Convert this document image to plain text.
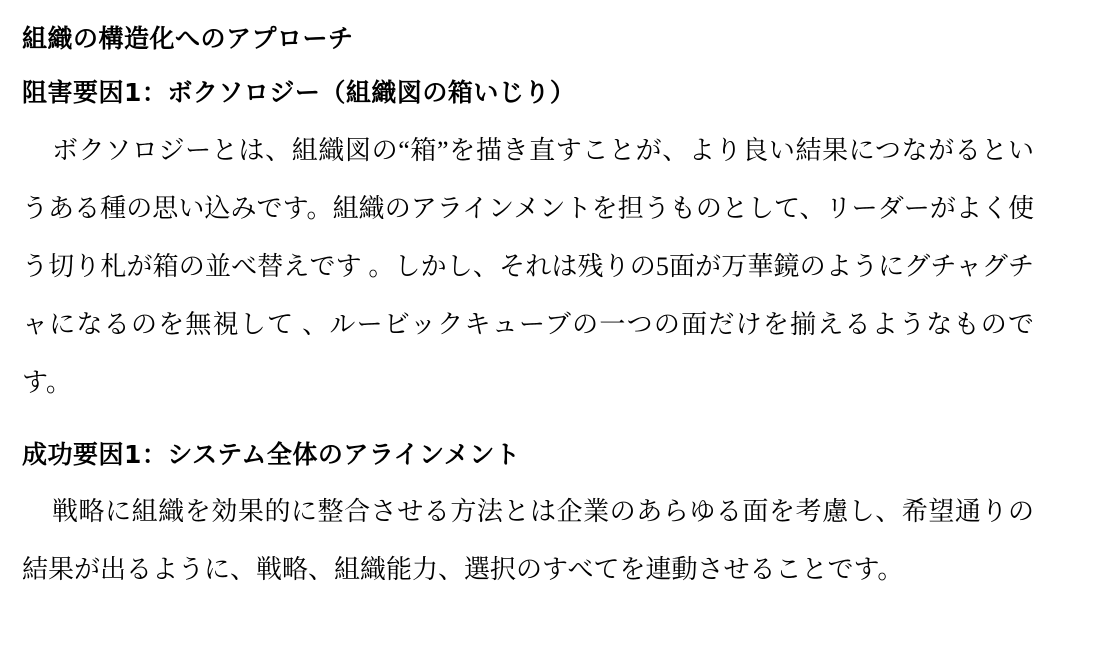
組織の構造化へのアプローチ
阻害要因1：ボクソロジー（組織図の箱いじり）

ボクソロジーとは、組織図の“箱”を描き直すことが、より良い結果につながるというある種の思い込みです。組織のアラインメントを担うものとして、リーダーがよく使う切り札が箱の並べ替えです 。しかし、それは残りの5面が万華鏡のようにグチャグチャになるのを無視して 、ルービックキューブの一つの面だけを揃えるようなものです。

成功要因1：システム全体のアラインメント

戦略に組織を効果的に整合させる方法とは企業のあらゆる面を考慮し、希望通りの結果が出るように、戦略、組織能力、選択のすべてを連動させることです。
